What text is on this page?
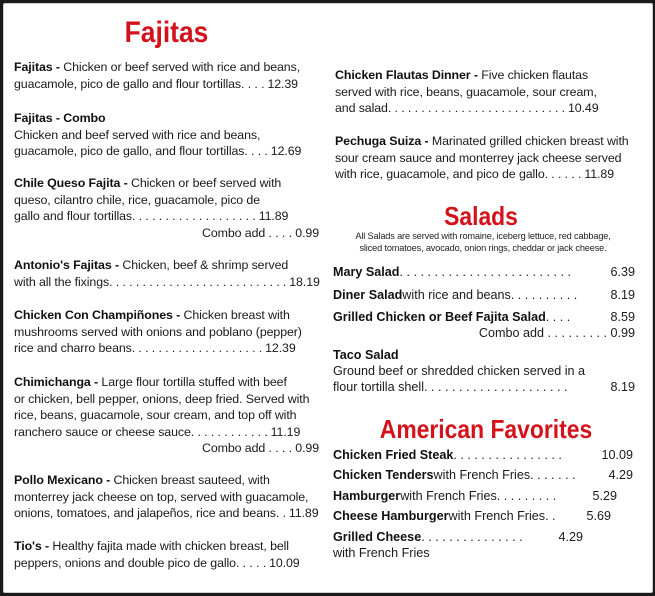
Fajitas
Fajitas - Chicken or beef served with rice and beans,
guacamole, pico de gallo and flour tortillas . . . . 12.39
Fajitas - Combo
Chicken and beef served with rice and beans,
guacamole, pico de gallo, and flour tortillas . . . . 12.69
Chile Queso Fajita - Chicken or beef served with
queso, cilantro chile, rice, guacamole, pico de
gallo and flour tortillas . . . . . . . . . . . . . . . . . . . 11.89
Combo add . . . . 0.99
Antonio's Fajitas - Chicken, beef & shrimp served
with all the fixings . . . . . . . . . . . . . . . . . . . . . . . . . . . 18.19
Chicken Con Champiñones - Chicken breast with
mushrooms served with onions and poblano (pepper)
rice and charro beans . . . . . . . . . . . . . . . . . . . . 12.39
Chimichanga - Large flour tortilla stuffed with beef
or chicken, bell pepper, onions, deep fried. Served with
rice, beans, guacamole, sour cream, and top off with
ranchero sauce or cheese sauce . . . . . . . . . . . . 11.19
Combo add . . . . 0.99
Pollo Mexicano - Chicken breast sauteed, with
monterrey jack cheese on top, served with guacamole,
onions, tomatoes, and jalapeños, rice and beans . . 11.89
Tio's - Healthy fajita made with chicken breast, bell
peppers, onions and double pico de gallo . . . . . 10.09
Chicken Flautas Dinner - Five chicken flautas
served with rice, beans, guacamole, sour cream,
and salad . . . . . . . . . . . . . . . . . . . . . . . . . . . 10.49
Pechuga Suiza - Marinated grilled chicken breast with
sour cream sauce and monterrey jack cheese served
with rice, guacamole, and pico de gallo . . . . . . 11.89
Salads
All Salads are served with romaine, iceberg lettuce, red cabbage,
sliced tomatoes, avocado, onion rings, cheddar or jack cheese.
Mary Salad . . . . . . . . . . . . . . . . . . . . . . . . .	6.39
Diner Salad with rice and beans . . . . . . . . . .	8.19
Grilled Chicken or Beef Fajita Salad . . . .	8.59
Combo add . . . . . . . . . 0.99
Taco Salad
Ground beef or shredded chicken served in a
flour tortilla shell . . . . . . . . . . . . . . . . . . . . .	8.19
American Favorites
Chicken Fried Steak . . . . . . . . . . . . . . . .	10.09
Chicken Tenders with French Fries . . . . . . .	4.29
Hamburger with French Fries . . . . . . . . .	5.29
Cheese Hamburger with French Fries . .	5.69
Grilled Cheese . . . . . . . . . . . . . . .	4.29
with French Fries
